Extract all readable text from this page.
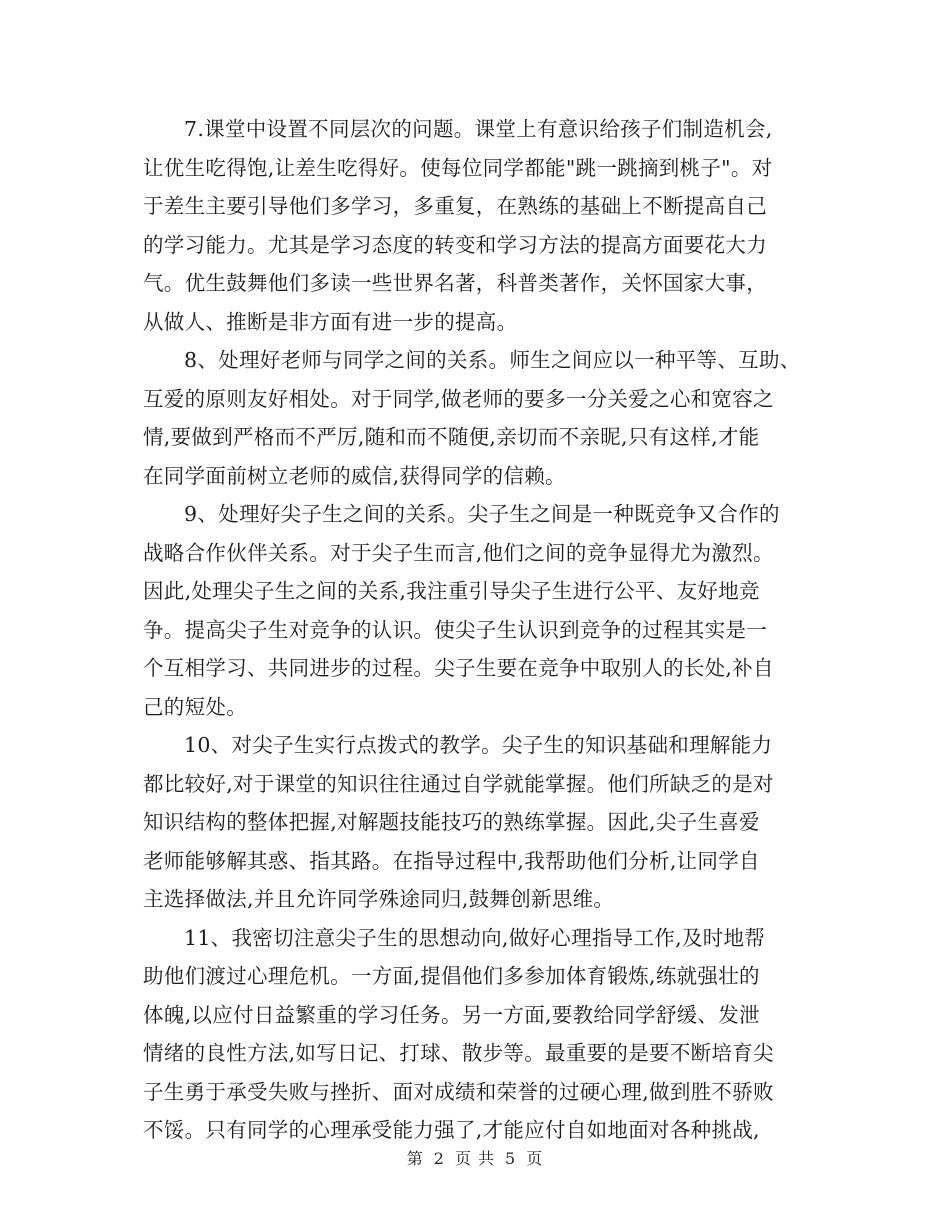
7.课堂中设置不同层次的问题。课堂上有意识给孩子们制造机会,
让优生吃得饱,让差生吃得好。使每位同学都能"跳一跳摘到桃子"。对
于差生主要引导他们多学习，多重复，在熟练的基础上不断提高自己
的学习能力。尤其是学习态度的转变和学习方法的提高方面要花大力
气。优生鼓舞他们多读一些世界名著，科普类著作，关怀国家大事，
从做人、推断是非方面有进一步的提高。
8、处理好老师与同学之间的关系。师生之间应以一种平等、互助、
互爱的原则友好相处。对于同学,做老师的要多一分关爱之心和宽容之
情,要做到严格而不严厉,随和而不随便,亲切而不亲昵,只有这样,才能
在同学面前树立老师的威信,获得同学的信赖。
9、处理好尖子生之间的关系。尖子生之间是一种既竞争又合作的
战略合作伙伴关系。对于尖子生而言,他们之间的竞争显得尤为激烈。
因此,处理尖子生之间的关系,我注重引导尖子生进行公平、友好地竞
争。提高尖子生对竞争的认识。使尖子生认识到竞争的过程其实是一
个互相学习、共同进步的过程。尖子生要在竞争中取别人的长处,补自
己的短处。
10、对尖子生实行点拨式的教学。尖子生的知识基础和理解能力
都比较好,对于课堂的知识往往通过自学就能掌握。他们所缺乏的是对
知识结构的整体把握,对解题技能技巧的熟练掌握。因此,尖子生喜爱
老师能够解其惑、指其路。在指导过程中,我帮助他们分析,让同学自
主选择做法,并且允许同学殊途同归,鼓舞创新思维。
11、我密切注意尖子生的思想动向,做好心理指导工作,及时地帮
助他们渡过心理危机。一方面,提倡他们多参加体育锻炼,练就强壮的
体魄,以应付日益繁重的学习任务。另一方面,要教给同学舒缓、发泄
情绪的良性方法,如写日记、打球、散步等。最重要的是要不断培育尖
子生勇于承受失败与挫折、面对成绩和荣誉的过硬心理,做到胜不骄败
不馁。只有同学的心理承受能力强了,才能应付自如地面对各种挑战,
第 2 页 共 5 页
